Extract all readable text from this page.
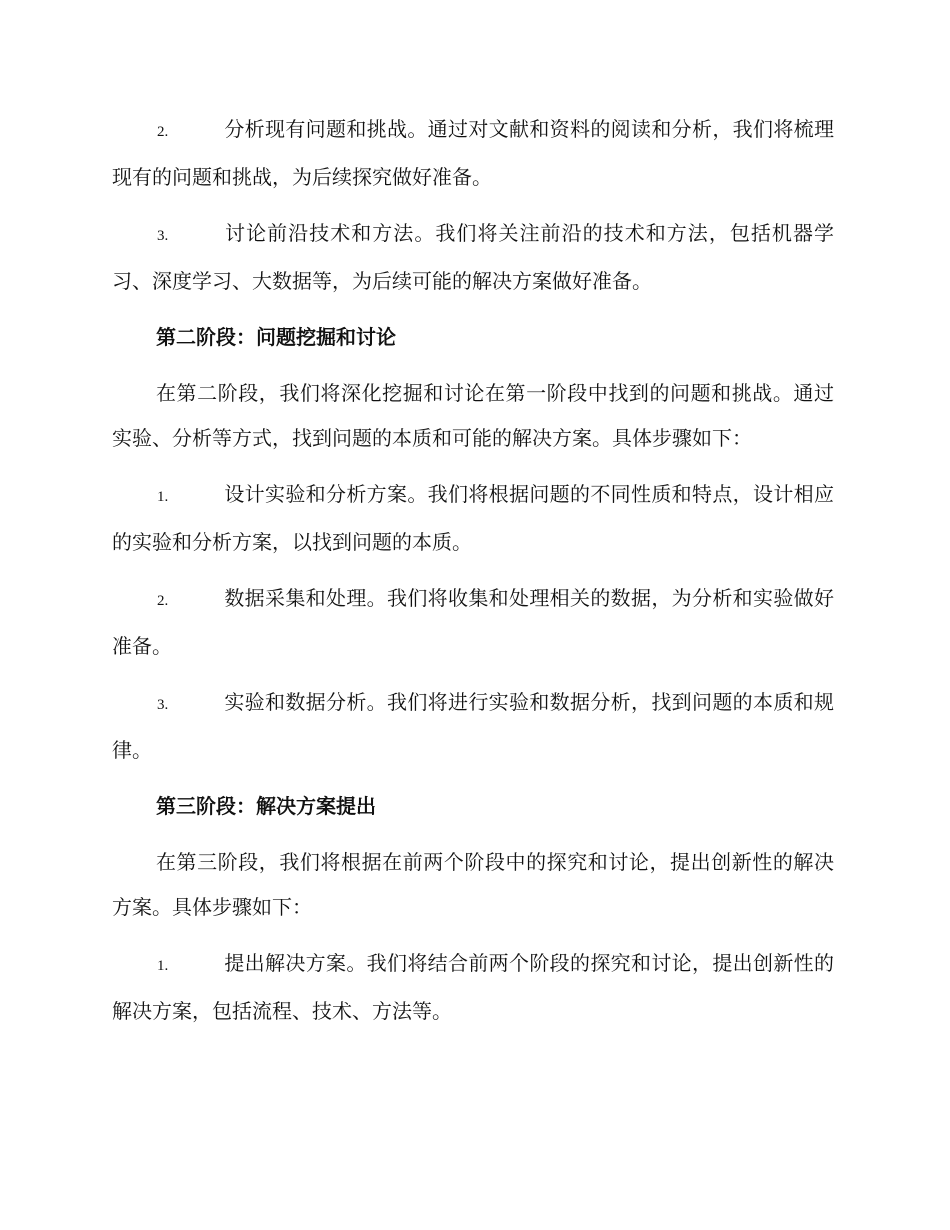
2.	分析现有问题和挑战。通过对文献和资料的阅读和分析，我们将梳理现有的问题和挑战，为后续探究做好准备。
3.	讨论前沿技术和方法。我们将关注前沿的技术和方法，包括机器学习、深度学习、大数据等，为后续可能的解决方案做好准备。
第二阶段：问题挖掘和讨论
在第二阶段，我们将深化挖掘和讨论在第一阶段中找到的问题和挑战。通过实验、分析等方式，找到问题的本质和可能的解决方案。具体步骤如下：
1.	设计实验和分析方案。我们将根据问题的不同性质和特点，设计相应的实验和分析方案，以找到问题的本质。
2.	数据采集和处理。我们将收集和处理相关的数据，为分析和实验做好准备。
3.	实验和数据分析。我们将进行实验和数据分析，找到问题的本质和规律。
第三阶段：解决方案提出
在第三阶段，我们将根据在前两个阶段中的探究和讨论，提出创新性的解决方案。具体步骤如下：
1.	提出解决方案。我们将结合前两个阶段的探究和讨论，提出创新性的解决方案，包括流程、技术、方法等。
